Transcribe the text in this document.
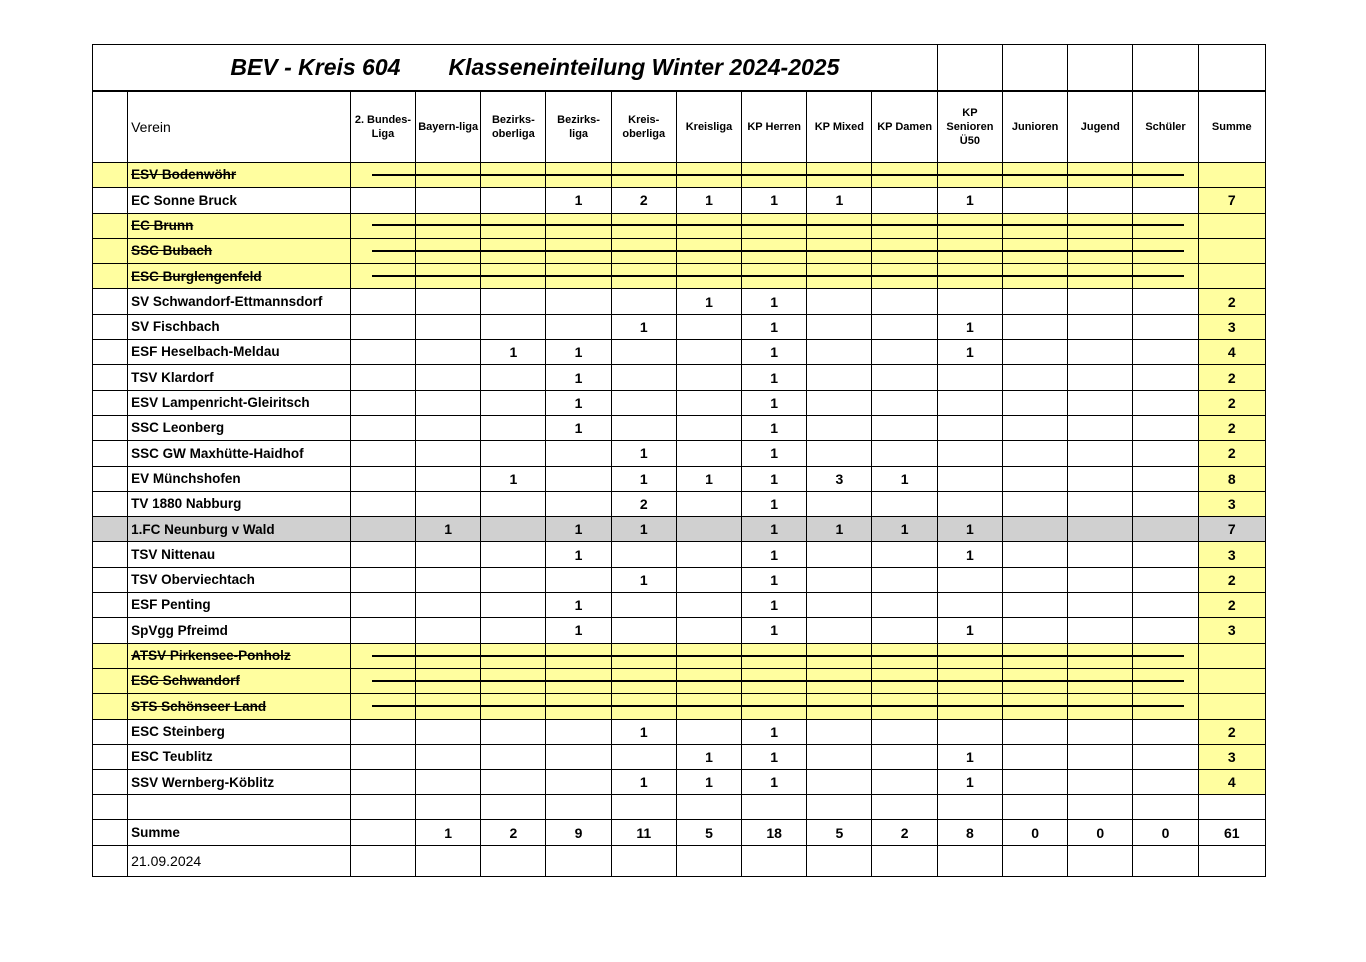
BEV - Kreis 604 Klasseneinteilung Winter 2024-2025															
	Verein	2. Bundes- Liga	Bayern-liga	Bezirks- oberliga	Bezirks- liga	Kreis- oberliga	Kreisliga	KP Herren	KP Mixed	KP Damen	KP Senioren Ü50	Junioren	Jugend	Schüler	Summe
	ESV Bodenwöhr														
	EC Sonne Bruck				1	2	1	1	1		1				7
	EC Brunn														
	SSC Bubach														
	ESC Burglengenfeld														
	SV Schwandorf-Ettmannsdorf						1	1							2
	SV Fischbach					1		1			1				3
	ESF Heselbach-Meldau			1	1			1			1				4
	TSV Klardorf				1			1							2
	ESV Lampenricht-Gleiritsch				1			1							2
	SSC Leonberg				1			1							2
	SSC GW Maxhütte-Haidhof					1		1							2
	EV Münchshofen			1		1	1	1	3	1					8
	TV 1880 Nabburg					2		1							3
	1.FC Neunburg v Wald		1		1	1		1	1	1	1				7
	TSV Nittenau				1			1			1				3
	TSV Oberviechtach					1		1							2
	ESF Penting				1			1							2
	SpVgg Pfreimd				1			1			1				3
	ATSV Pirkensee-Ponholz														
	ESC Schwandorf														
	STS Schönseer Land														
	ESC Steinberg					1		1							2
	ESC Teublitz						1	1			1				3
	SSV Wernberg-Köblitz					1	1	1			1				4

	Summe		1	2	9	11	5	18	5	2	8	0	0	0	61
	21.09.2024														
